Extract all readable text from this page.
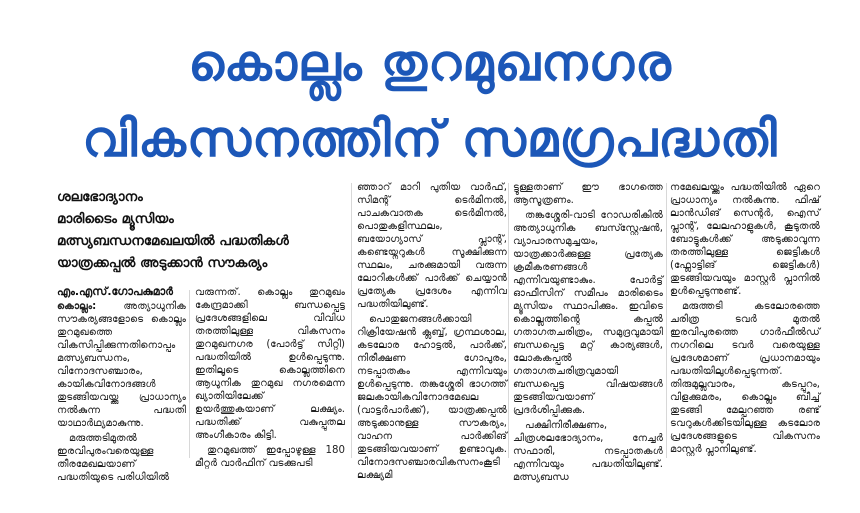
കൊല്ലം തുറമുഖനഗര
വികസനത്തിന് സമഗ്രപദ്ധതി
ശലഭോദ്യാനം
മാരിടൈം മ്യൂസിയം
മത്സ്യബന്ധനമേഖലയിൽ പദ്ധതികൾ
യാത്രക്കപ്പൽ അടുക്കാൻ സൗകര്യം
എം.എസ്.ഗോപകുമാർ

കൊല്ലം: അത്യാധുനിക സൗകര്യങ്ങളോടെ കൊല്ലം തുറമുഖത്തെ വികസിപ്പിക്കുന്നതിനൊപ്പം മത്സ്യബന്ധനം, വിനോദസഞ്ചാരം, കായികവിനോദങ്ങൾ തുടങ്ങിയവയ്ക്കു പ്രാധാന്യം നൽകുന്ന പദ്ധതി യാഥാർഥ്യമാകുന്നു.

മരുത്തടിമുതൽ ഇരവിപുരംവരെയുള്ള തീരമേഖലയാണ് പദ്ധതിയുടെ പരിധിയിൽ

വരുന്നത്. കൊല്ലം തുറമുഖം കേന്ദ്രമാക്കി ബന്ധപ്പെട്ട പ്രദേശങ്ങളിലെ വിവിധ തരത്തിലുള്ള വികസനം തുറമുഖനഗര (പോർട്ട് സിറ്റി) പദ്ധതിയിൽ ഉൾപ്പെടുന്നു. ഇതിലൂടെ കൊല്ലത്തിനെ ആധുനിക തുറമുഖ നഗരമെന്ന ഖ്യാതിയിലേക്ക് ഉയർത്തുകയാണ് ലക്ഷ്യം. പദ്ധതിക്ക് വകുപ്പുതല അംഗീകാരം കിട്ടി.

തുറമുഖത്ത് ഇപ്പോഴുള്ള 180 മീറ്റർ വാർഫിന് വടക്കുപടി

ഞ്ഞാറ് മാറി പുതിയ വാർഫ്, സിമന്റ് ടെർമിനൽ, പാചകവാതക ടെർമിനൽ, പൊതുകളിസ്ഥലം, ബയോഗ്യാസ് പ്ലാന്റ്, കണ്ടെയ്നറുകൾ സൂക്ഷിക്കുന്ന സ്ഥലം, ചരക്കുമായി വരുന്ന ലോറികൾക്ക് പാർക്ക് ചെയ്യാൻ പ്രത്യേക പ്രദേശം എന്നിവ പദ്ധതിയിലുണ്ട്.

പൊതുജനങ്ങൾക്കായി റിക്രിയേഷൻ ക്ലബ്ബ്, ഗ്രന്ഥശാല, കടലോര ഹോട്ടൽ, പാർക്ക്, നിരീക്ഷണ ഗോപുരം, നടപ്പാതകം എന്നിവയും ഉൾപ്പെടുന്നു. തങ്കശ്ശേരി ഭാഗത്ത് ജലകായികവിനോദമേഖല (വാട്ടർപാർക്ക്), യാത്രക്കപ്പൽ അടുക്കാനുള്ള സൗകര്യം, വാഹന പാർക്കിങ് തുടങ്ങിയവയാണ് ഉണ്ടാവുക. വിനോദസഞ്ചാരവികസനംകൂടി ലക്ഷ്യമി

ട്ടുള്ളതാണ് ഈ ഭാഗത്തെ ആസൂത്രണം.

തങ്കശ്ശേരി-വാടി റോഡരികിൽ അത്യാധുനിക ബസ്സ്റ്റേഷൻ, വ്യാപാരസമുച്ചയം, യാത്രക്കാർക്കുള്ള പ്രത്യേക ക്രമീകരണങ്ങൾ എന്നിവയുണ്ടാകും. പോർട്ട് ഓഫീസിന് സമീപം മാരിടൈം മ്യൂസിയം സ്ഥാപിക്കും. ഇവിടെ കൊല്ലത്തിന്റെ കപ്പൽ ഗതാഗതചരിത്രം, സമുദ്രവുമായി ബന്ധപ്പെട്ട മറ്റ് കാര്യങ്ങൾ, ലോകകപ്പൽ ഗതാഗതചരിത്രവുമായി ബന്ധപ്പെട്ട വിഷയങ്ങൾ തുടങ്ങിയവയാണ് പ്രദർശിപ്പിക്കുക.

പക്ഷിനിരീക്ഷണം, ചിത്രശലഭോദ്യാനം, നേച്ചർ സഫാരി, നടപ്പാതകൾ എന്നിവയും പദ്ധതിയിലുണ്ട്. മത്സ്യബന്ധ

നമേഖലയ്ക്കും പദ്ധതിയിൽ ഏറെ പ്രാധാന്യം നൽകുന്നു. ഫിഷ് ലാൻഡിങ് സെന്റർ, ഐസ് പ്ലാന്റ്, ലേലഹാളുകൾ, കൂടുതൽ ബോട്ടുകൾക്ക് അടുക്കാവുന്ന തരത്തിലുള്ള ജെട്ടികൾ (ഫ്ലോട്ടിങ് ജെട്ടികൾ) തുടങ്ങിയവയും മാസ്റ്റർ പ്ലാനിൽ ഉൾപ്പെടുന്നുണ്ട്.

മരുത്തടി കടലോരത്തെ ചരിത്ര ടവർ മുതൽ ഇരവിപുരത്തെ ഗാർഫീൽഡ് നഗറിലെ ടവർ വരെയുള്ള പ്രദേശമാണ് പ്രധാനമായും പദ്ധതിയിലുൾപ്പെടുന്നത്. തിരുമുല്ലവാരം, കടപ്പുറം, വിളക്കുമരം, കൊല്ലം ബീച്ച് തുടങ്ങി മേല്പറഞ്ഞ രണ്ട് ടവറുകൾക്കിടയിലുള്ള കടലോര പ്രദേശങ്ങളുടെ വികസനം മാസ്റ്റർ പ്ലാനിലുണ്ട്.
